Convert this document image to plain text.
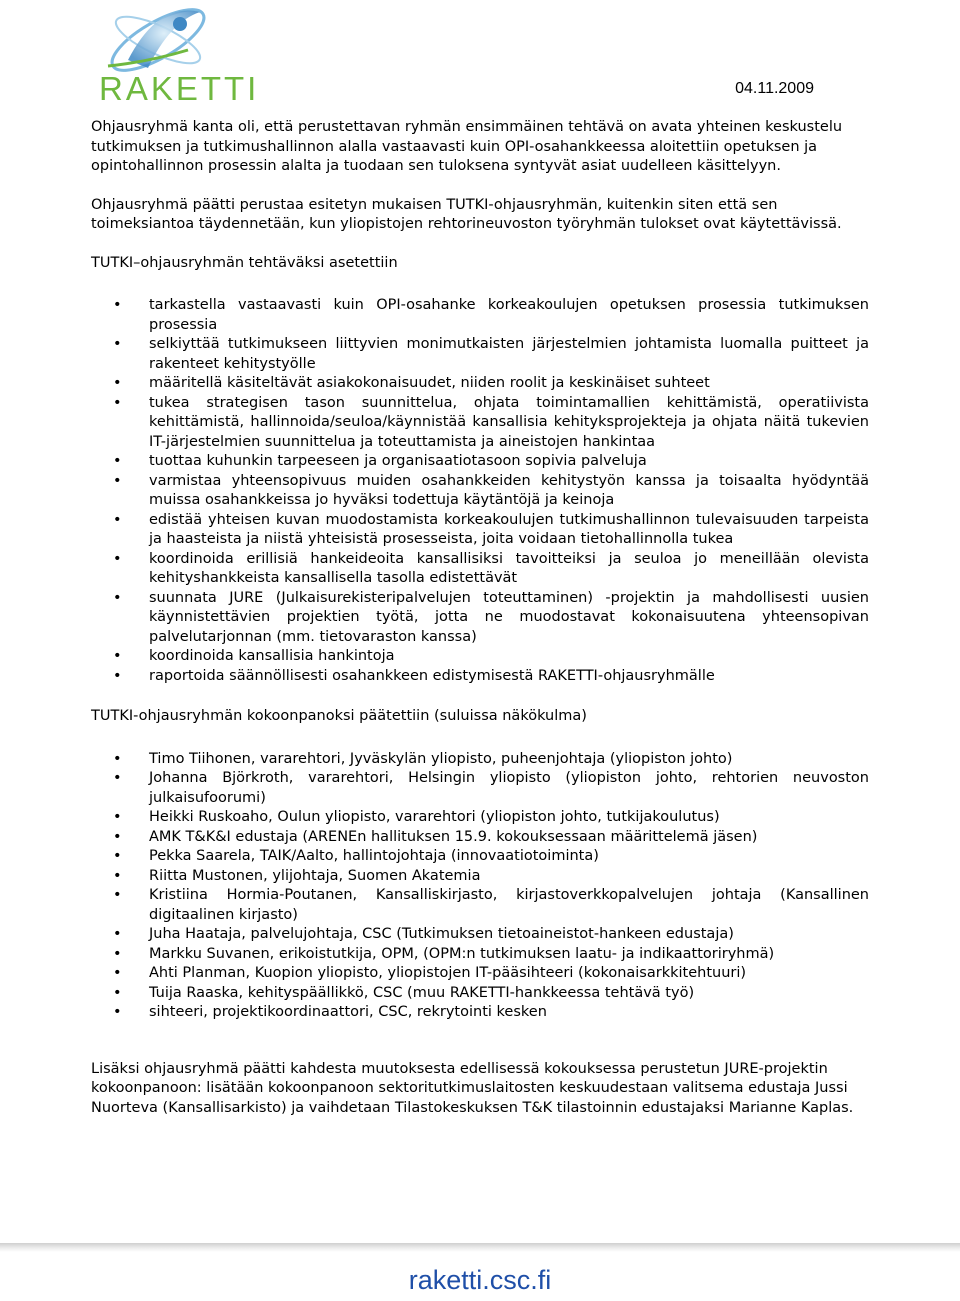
RAKETTI	04.11.2009

Ohjausryhmä kanta oli, että perustettavan ryhmän ensimmäinen tehtävä on avata yhteinen keskustelu tutkimuksen ja tutkimushallinnon alalla vastaavasti kuin OPI-osahankkeessa aloitettiin opetuksen ja opintohallinnon prosessin alalta ja tuodaan sen tuloksena syntyvät asiat uudelleen käsittelyyn.

Ohjausryhmä päätti perustaa esitetyn mukaisen TUTKI-ohjausryhmän, kuitenkin siten että sen toimeksiantoa täydennetään, kun yliopistojen rehtorineuvoston työryhmän tulokset ovat käytettävissä.

TUTKI–ohjausryhmän tehtäväksi asetettiin

• tarkastella vastaavasti kuin OPI-osahanke korkeakoulujen opetuksen prosessia tutkimuksen prosessia
• selkiyttää tutkimukseen liittyvien monimutkaisten järjestelmien johtamista luomalla puitteet ja rakenteet kehitystyölle
• määritellä käsiteltävät asiakokonaisuudet, niiden roolit ja keskinäiset suhteet
• tukea strategisen tason suunnittelua, ohjata toimintamallien kehittämistä, operatiivista kehittämistä, hallinnoida/seuloa/käynnistää kansallisia kehityksprojekteja ja ohjata näitä tukevien IT-järjestelmien suunnittelua ja toteuttamista ja aineistojen hankintaa
• tuottaa kuhunkin tarpeeseen ja organisaatiotasoon sopivia palveluja
• varmistaa yhteensopivuus muiden osahankkeiden kehitystyön kanssa ja toisaalta hyödyntää muissa osahankkeissa jo hyväksi todettuja käytäntöjä ja keinoja
• edistää yhteisen kuvan muodostamista korkeakoulujen tutkimushallinnon tulevaisuuden tarpeista ja haasteista ja niistä yhteisistä prosesseista, joita voidaan tietohallinnolla tukea
• koordinoida erillisiä hankeideoita kansallisiksi tavoitteiksi ja seuloa jo meneillään olevista kehityshankkeista kansallisella tasolla edistettävät
• suunnata JURE (Julkaisurekisteripalvelujen toteuttaminen) -projektin ja mahdollisesti uusien käynnistettävien projektien työtä, jotta ne muodostavat kokonaisuutena yhteensopivan palvelutarjonnan (mm. tietovaraston kanssa)
• koordinoida kansallisia hankintoja
• raportoida säännöllisesti osahankkeen edistymisestä RAKETTI-ohjausryhmälle

TUTKI-ohjausryhmän kokoonpanoksi päätettiin (suluissa näkökulma)

• Timo Tiihonen, vararehtori, Jyväskylän yliopisto, puheenjohtaja (yliopiston johto)
• Johanna Björkroth, vararehtori, Helsingin yliopisto (yliopiston johto, rehtorien neuvoston julkaisufoorumi)
• Heikki Ruskoaho, Oulun yliopisto, vararehtori (yliopiston johto, tutkijakoulutus)
• AMK T&K&I edustaja (ARENEn hallituksen 15.9. kokouksessaan määrittelemä jäsen)
• Pekka Saarela, TAIK/Aalto, hallintojohtaja (innovaatiotoiminta)
• Riitta Mustonen, ylijohtaja, Suomen Akatemia
• Kristiina Hormia-Poutanen, Kansalliskirjasto, kirjastoverkkopalvelujen johtaja (Kansallinen digitaalinen kirjasto)
• Juha Haataja, palvelujohtaja, CSC (Tutkimuksen tietoaineistot-hankeen edustaja)
• Markku Suvanen, erikoistutkija, OPM, (OPM:n tutkimuksen laatu- ja indikaattoriryhmä)
• Ahti Planman, Kuopion yliopisto, yliopistojen IT-pääsihteeri (kokonaisarkkitehtuuri)
• Tuija Raaska, kehityspäällikkö, CSC (muu RAKETTI-hankkeessa tehtävä työ)
• sihteeri, projektikoordinaattori, CSC, rekrytointi kesken

Lisäksi ohjausryhmä päätti kahdesta muutoksesta edellisessä kokouksessa perustetun JURE-projektin kokoonpanoon: lisätään kokoonpanoon sektoritutkimuslaitosten keskuudestaan valitsema edustaja Jussi Nuorteva (Kansallisarkisto) ja vaihdetaan Tilastokeskuksen T&K tilastoinnin edustajaksi Marianne Kaplas.

raketti.csc.fi
